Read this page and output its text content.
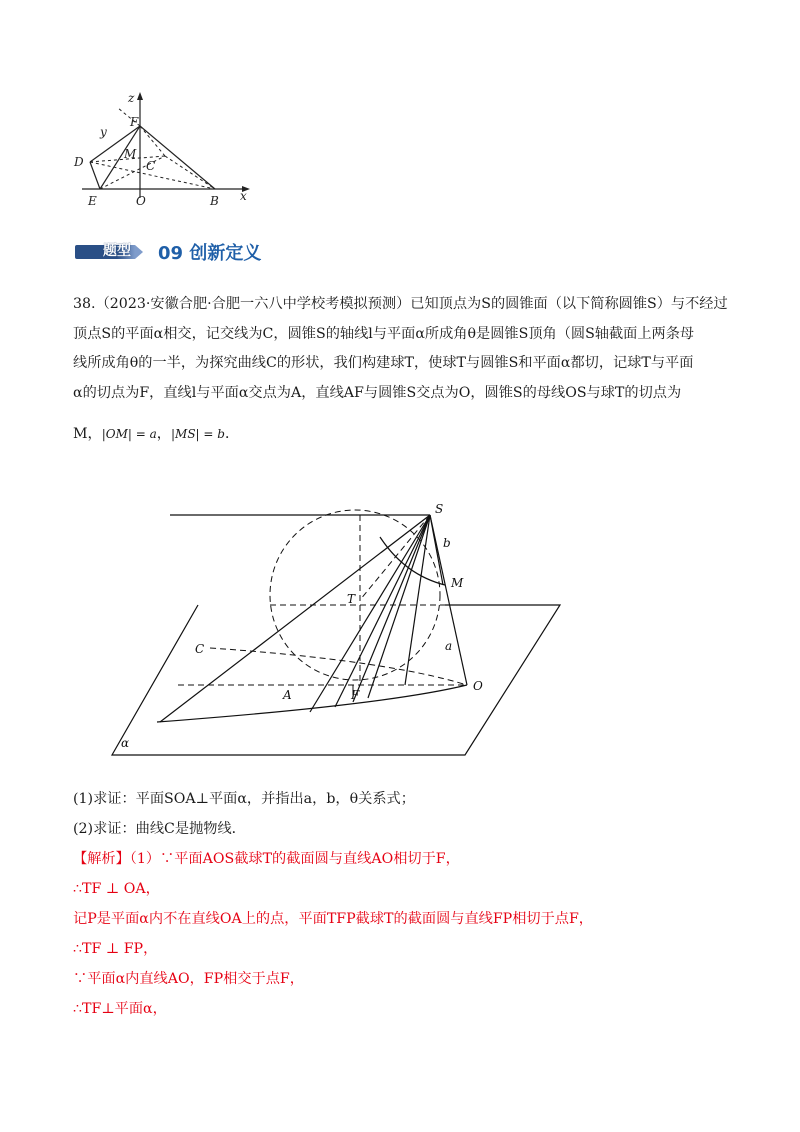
z
y
x
F
M
C
D
E	O	B
题型 09 创新定义

38.（2023·安徽合肥·合肥一六八中学校考模拟预测）已知顶点为S的圆锥面（以下简称圆锥S）与不经过

顶点S的平面α相交，记交线为C，圆锥S的轴线l与平面α所成角θ是圆锥S顶角（圆S轴截面上两条母

线所成角θ的一半，为探究曲线C的形状，我们构建球T，使球T与圆锥S和平面α都切，记球T与平面

α的切点为F，直线l与平面α交点为A，直线AF与圆锥S交点为O，圆锥S的母线OS与球T的切点为

M，|OM| = a，|MS| = b．

S
b
M
T
C	a
A	F
O
α
(1)求证：平面SOA⊥平面α，并指出a，b，θ关系式；
(2)求证：曲线C是抛物线．
【解析】（1）∵平面AOS截球T的截面圆与直线AO相切于F，
∴TF ⊥ OA，
记P是平面α内不在直线OA上的点，平面TFP截球T的截面圆与直线FP相切于点F，
∴TF ⊥ FP，
∵平面α内直线AO，FP相交于点F，
∴TF⊥平面α，
